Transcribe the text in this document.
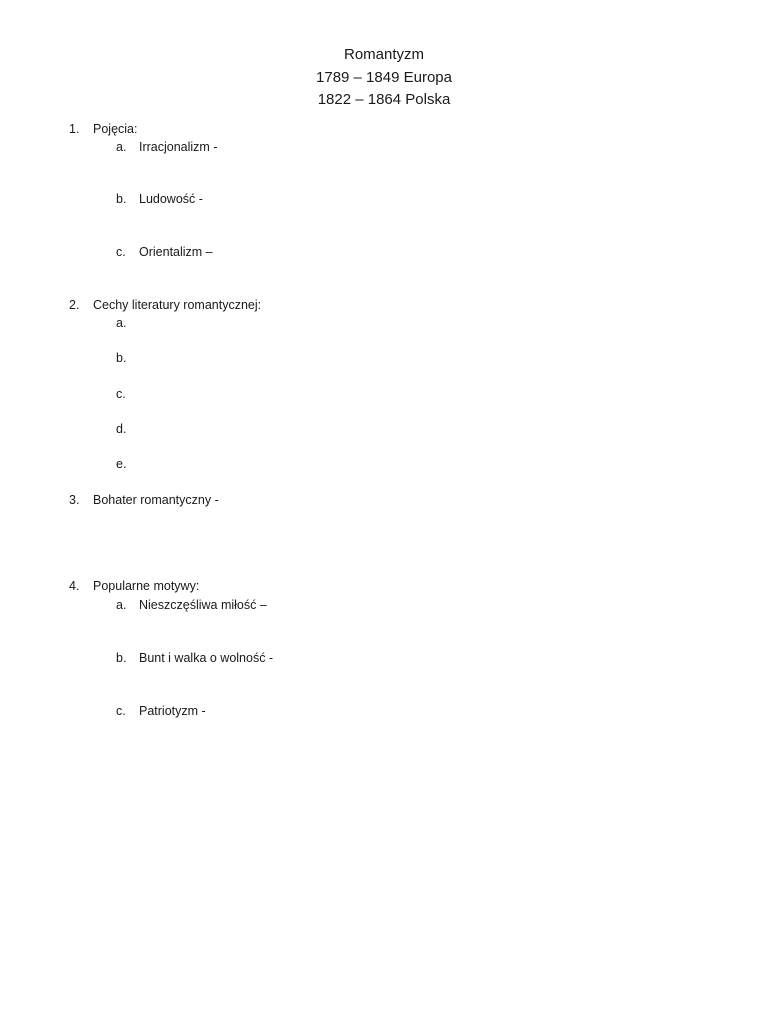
Romantyzm
1789 – 1849 Europa
1822 – 1864 Polska
1. Pojęcia:
a. Irracjonalizm -
b. Ludowość -
c. Orientalizm –
2. Cechy literatury romantycznej:
a.
b.
c.
d.
e.
3. Bohater romantyczny -
4. Popularne motywy:
a. Nieszczęśliwa miłość –
b. Bunt i walka o wolność -
c. Patriotyzm -
